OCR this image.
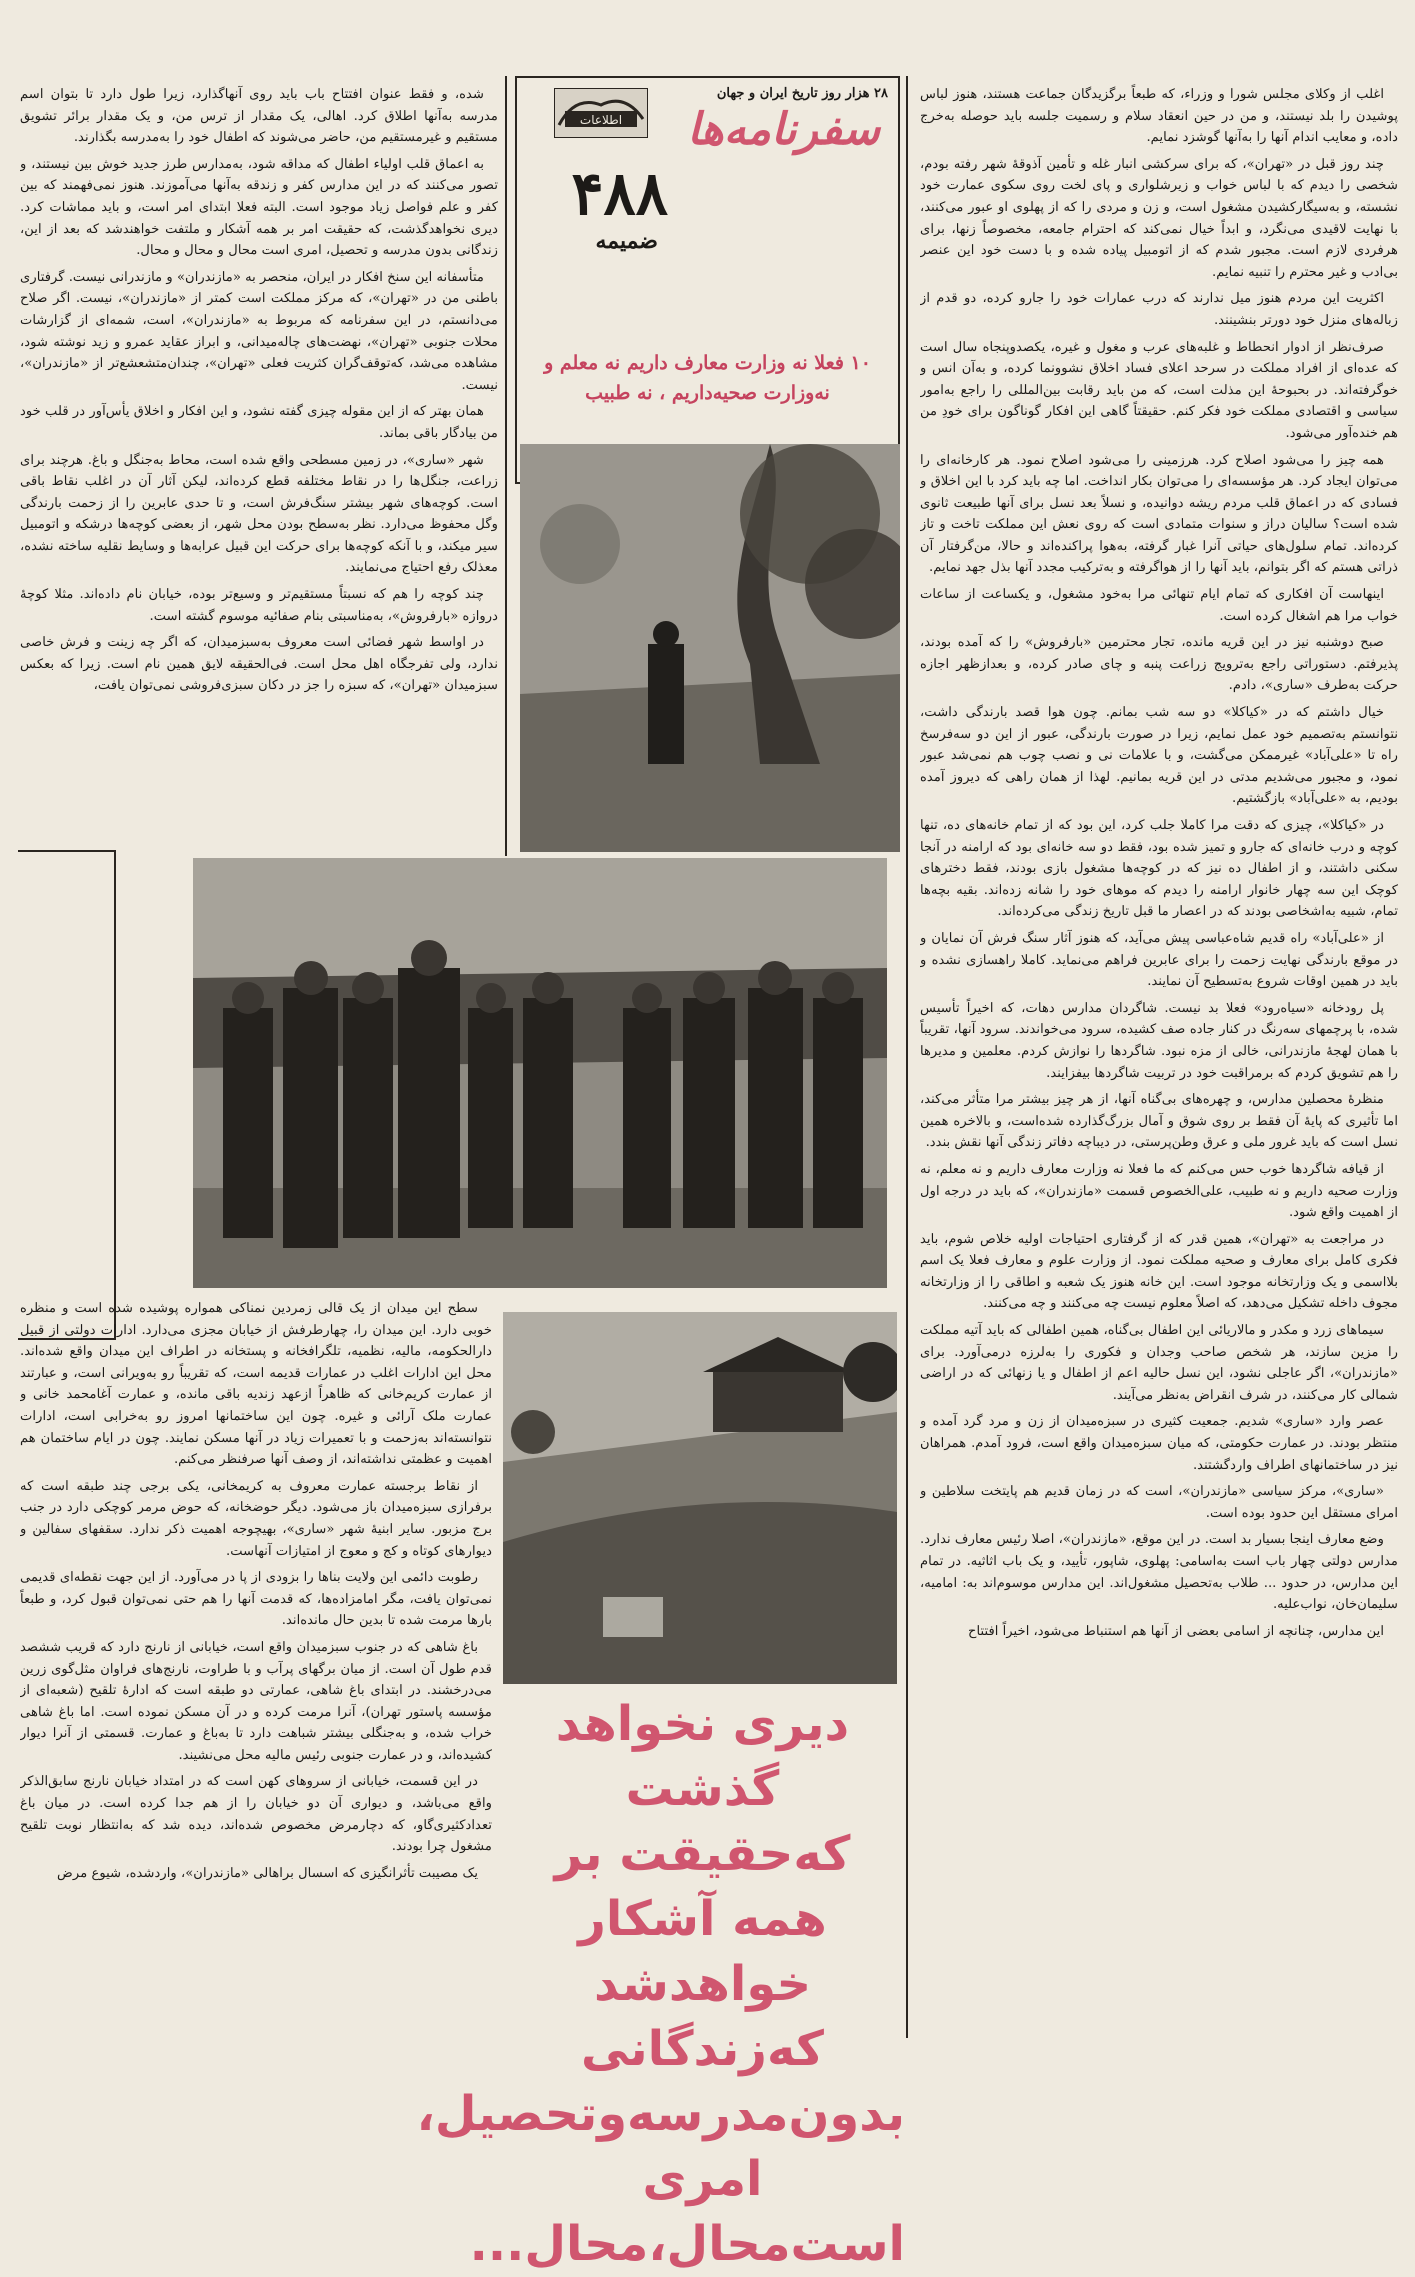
اغلب از وکلای مجلس شورا و وزراء، که طبعاً برگزیدگان جماعت هستند، هنوز لباس پوشیدن را بلد نیستند، و من در حین انعقاد سلام و رسمیت جلسه باید حوصله به‌خرج داده، و معایب اندام آنها را به‌آنها گوشزد نمایم.

چند روز قبل در «تهران»، که برای سرکشی انبار غله و تأمین آذوقهٔ شهر رفته بودم، شخصی را دیدم که با لباس خواب و زیرشلواری و پای لخت روی سکوی عمارت خود نشسته، و بەسیگارکشیدن مشغول است، و زن و مردی را که از پهلوی او عبور می‌کنند، با نهایت لاقیدی می‌نگرد، و ابداً خیال نمی‌کند که احترام جامعه، مخصوصاً زنها، برای هرفردی لازم است. مجبور شدم که از اتومبیل پیاده شده و با دست خود این عنصر بی‌ادب و غیر محترم را تنبیه نمایم.

اکثریت این مردم هنوز میل ندارند که درب عمارات خود را جارو کرده، دو قدم از زباله‌های منزل خود دورتر بنشینند.

صرف‌نظر از ادوار انحطاط و غلبه‌های عرب و مغول و غیره، یکصدوپنجاه سال است که عده‌ای از افراد مملکت در سرحد اعلای فساد اخلاق نشوونما کرده، و به‌آن انس و خوگرفته‌اند. در بحبوحهٔ این مذلت است، که من باید رقابت بین‌المللی را راجع به‌امور سیاسی و اقتصادی مملکت خود فکر کنم. حقیقتاً گاهی این افکار گوناگون برای خودِ من هم خنده‌آور می‌شود.

همه چیز را می‌شود اصلاح کرد. هرزمینی را می‌شود اصلاح نمود. هر کارخانه‌ای را می‌توان ایجاد کرد. هر مؤسسه‌ای را می‌توان بکار انداخت. اما چه باید کرد با این اخلاق و فسادی که در اعماق قلب مردم ریشه دوانیده، و نسلاً بعد نسل برای آنها طبیعت ثانوی شده است؟ سالیان دراز و سنوات متمادی است که روی نعش این مملکت تاخت و تاز کرده‌اند. تمام سلول‌های حیاتی آنرا غبار گرفته، به‌هوا پراکنده‌اند و حالا، من‌گرفتار آن ذراتی هستم که اگر بتوانم، باید آنها را از هواگرفته و به‌ترکیب مجدد آنها بذل جهد نمایم.

اینهاست آن افکاری که تمام ایام تنهائی مرا به‌خود مشغول، و یکساعت از ساعات خواب مرا هم اشغال کرده است.

صبح دوشنبه نیز در این قریه ماندە، تجار محترمین «بارفروش» را که آمده بودند، پذیرفتم. دستوراتی راجع به‌ترویج زراعت پنبه و چای صادر کرده، و بعدازظهر اجازه حرکت به‌طرف «ساری»، دادم.

خیال داشتم که در «کیاکلا» دو سه شب بمانم. چون هوا قصد بارندگی داشت، نتوانستم به‌تصمیم خود عمل نمایم، زیرا در صورت بارندگی، عبور از این دو سه‌فرسخ راه تا «علی‌آباد» غیرممکن می‌گشت، و با علامات نی و نصب چوب هم نمی‌شد عبور نمود، و مجبور می‌شدیم مدتی در این قریه بمانیم. لهذا از همان راهی که دیروز آمده بودیم، به «علی‌آباد» بازگشتیم.

در «کیاکلا»، چیزی که دقت مرا کاملا جلب کرد، این بود که از تمام خانه‌های ده، تنها کوچه و درب خانه‌ای که جارو و تمیز شده بود، فقط دو سه خانه‌ای بود که ارامنه در آنجا سکنی داشتند، و از اطفال ده نیز که در کوچه‌ها مشغول بازی بودند، فقط دخترهای کوچک این سه چهار خانوار ارامنه را دیدم که موهای خود را شانه زده‌اند. بقیه بچه‌ها تمام، شبیه به‌اشخاصی بودند که در اعصار ما قبل تاریخ زندگی می‌کرده‌اند.

از «علی‌آباد» راه قدیم شاه‌عباسی پیش می‌آید، که هنوز آثار سنگ فرش آن نمایان و در موقع بارندگی نهایت زحمت را برای عابرین فراهم می‌نماید. کاملا راهسازی نشده و باید در همین اوقات شروع به‌تسطیح آن نمایند.

پل رودخانه «سیاه‌رود» فعلا بد نیست. شاگردان مدارس دهات، که اخیراً تأسیس شده، با پرچمهای سه‌رنگ در کنار جاده صف کشیده، سرود می‌خواندند. سرود آنها، تقریباً با همان لهجهٔ مازندرانی، خالی از مزه نبود. شاگردها را نوازش کردم. معلمین و مدیرها را هم تشویق کردم که برمراقبت خود در تربیت شاگردها بیفزایند.

منظرهٔ محصلین مدارس، و چهره‌های بی‌گناه آنها، از هر چیز بیشتر مرا متأثر می‌کند، اما تأثیری که پایهٔ آن فقط بر روی شوق و آمال بزرگ‌گذارده شده‌است، و بالاخره همین نسل است که باید غرور ملی و عرق وطن‌پرستی، در دیباچه دفاتر زندگی آنها نقش بندد.

از قیافه شاگردها خوب حس می‌کنم که ما فعلا نه وزارت معارف داریم و نه معلم، نه وزارت صحیه داریم و نه طبیب، علی‌الخصوص قسمت «مازندران»، که باید در درجه اول از اهمیت واقع شود.

در مراجعت به «تهران»، همین قدر که از گرفتاری احتیاجات اولیه خلاص شوم، باید فکری کامل برای معارف و صحیه مملکت نمود. از وزارت علوم و معارف فعلا یک اسم بلااسمی و یک وزارتخانه موجود است. این خانه هنوز یک شعبه و اطاقی را از وزارتخانه مجوف داخله تشکیل می‌دهد، که اصلاً معلوم نیست چه می‌کنند و چه می‌کنند.

سیماهای زرد و مکدر و مالاریائی این اطفال بی‌گناه، همین اطفالی که باید آتیه مملکت را مزین سازند، هر شخص صاحب وجدان و فکوری را به‌لرزه درمی‌آورد. برای «مازندران»، اگر عاجلی نشود، این نسل حالیه اعم از اطفال و یا زنهائی که در اراضی شمالی کار می‌کنند، در شرف انقراض به‌نظر می‌آیند.

عصر وارد «ساری» شدیم. جمعیت کثیری در سبزه‌میدان از زن و مرد گرد آمده و منتظر بودند. در عمارت حکومتی، که میان سبزه‌میدان واقع است، فرود آمدم. همراهان نیز در ساختمانهای اطراف واردگشتند.

«ساری»، مرکز سیاسی «مازندران»، است که در زمان قدیم هم پایتخت سلاطین و امرای مستقل این حدود بوده است.

وضع معارف اینجا بسیار بد است. در این موقع، «مازندران»، اصلا رئیس معارف ندارد. مدارس دولتی چهار باب است به‌اسامی: پهلوی، شاپور، تأیید، و یک باب اثاثیه. در تمام این مدارس، در حدود ... طلاب به‌تحصیل مشغول‌اند. این مدارس موسوم‌اند به: امامیه، سلیمان‌خان، نواب‌علیه.

این مدارس، چنانچه از اسامی بعضی از آنها هم استنباط می‌شود، اخیراً افتتاح

۲۸ هزار روز تاریخ ایران و جهان
سفرنامه‌ها
اطلاعات
۴۸۸
ضمیمه
۱۰ فعلا نه وزارت معارف داریم نه معلم و نه‌وزارت صحیه‌داریم ، نه طبیب

شده، و فقط عنوان افتتاح باب باید روی آنها‌گذارد، زیرا طول دارد تا بتوان اسم مدرسه به‌آنها اطلاق کرد. اهالی، یک مقدار از ترس من، و یک مقدار برائر تشویق مستقیم و غیرمستقیم من، حاضر می‌شوند که اطفال خود را به‌مدرسه بگذارند.

به اعماق قلب اولیاء اطفال که مداقه شود، به‌مدارس طرز جدید خوش بین نیستند، و تصور می‌کنند که در این مدارس کفر و زندقه به‌آنها می‌آموزند. هنوز نمی‌فهمند که بین کفر و علم فواصل زیاد موجود است. البته فعلا ابتدای امر است، و باید مماشات کرد. دیری نخواهد‌گذشت، که حقیقت امر بر همه آشکار و ملتفت خواهند‌شد که بعد از این، زندگانی بدون مدرسه و تحصیل، امری است محال و محال و محال.

متأسفانه این سنخ افکار در ایران، منحصر به «مازندران» و مازندرانی نیست. گرفتاری باطنی من در «تهران»، که مرکز مملکت است کمتر از «مازندران»، نیست. اگر صلاح می‌دانستم، در این سفرنامه که مربوط به «مازندران»، است، شمه‌ای از گزارشات محلات جنوبی «تهران»، نهضت‌های چاله‌میدانی، و ابراز عقاید عمرو و زید نوشته شود، مشاهده می‌شد، که‌توقف‌گران کثریت فعلی «تهران»، چندان‌متشعشع‌تر از «مازندران»، نیست.

همان بهتر که از این مقوله چیزی گفته نشود، و این افکار و اخلاق یأس‌آور در قلب خود من بیادگار باقی بماند.

شهر «ساری»، در زمین مسطحی واقع شده است، محاط به‌جنگل و باغ. هرچند برای زراعت، جنگل‌ها را در نقاط مختلفه قطع کرده‌اند، لیکن آثار آن در اغلب نقاط باقی است. کوچه‌های شهر بیشتر سنگ‌فرش است، و تا حدی عابرین را از زحمت بارندگی وگل محفوظ می‌دارد. نظر به‌سطح بودن محل شهر، از بعضی کوچه‌ها درشکه و اتومبیل سیر میکند، و با آنکه کوچه‌ها برای حرکت این قبیل عرابه‌ها و وسایط نقلیه ساخته نشده، معذلک رفع احتیاج می‌نمایند.

چند کوچه را هم که نسبتاً مستقیم‌تر و وسیع‌تر بوده، خیابان نام داده‌اند. مثلا کوچهٔ دروازه «بارفروش»، به‌مناسبتی بنام صفائیه موسوم گشته است.

در اواسط شهر فضائی است معروف به‌سبزمیدان، که اگر چه زینت و فرش خاصی ندارد، ولی تفرجگاه اهل محل است. فی‌الحقیقه لایق همین نام است. زیرا که بعکس سبزمیدان «تهران»، که سبزه را جز در دکان سبزی‌فروشی نمی‌توان یافت،

سطح این میدان از یک قالی زمردین نمناکی همواره پوشیده شده است و منظره خوبی دارد. این میدان را، چهارطرفش از خیابان مجزی می‌دارد. ادارات دولتی از قبیل دارالحکومه، مالیه، نظمیه، تلگرافخانه و پستخانه در اطراف این میدان واقع شده‌اند. محل این ادارات اغلب در عمارات قدیمه است، که تقریباً رو به‌ویرانی است، و عبارتند از عمارت کریم‌خانی که ظاهراً ازعهد زندیه باقی مانده، و عمارت آغامحمد خانی و عمارت ملک آرائی و غیره. چون این ساختمانها امروز رو به‌خرابی است، ادارات نتوانسته‌اند به‌زحمت و با تعمیرات زیاد در آنها مسکن نمایند. چون در ایام ساختمان هم اهمیت و عظمتی نداشته‌اند، از وصف آنها صرفنظر می‌کنم.

از نقاط برجسته عمارت معروف به کریمخانی، یکی برجی چند طبقه است که برفرازی سبزه‌میدان باز می‌شود. دیگر حوضخانه، که حوض مرمر کوچکی دارد در جنب برج مزبور. سایر ابنیهٔ شهر «ساری»، بهیچوجه اهمیت ذکر ندارد. سقفهای سفالین و دیوارهای کوتاه و کج و معوج از امتیازات آنهاست.

رطوبت دائمی این ولایت بناها را بزودی از پا در می‌آورد. از این جهت نقطه‌ای قدیمی نمی‌توان یافت، مگر امامزاده‌ها، که قدمت آنها را هم حتی نمی‌توان قبول کرد، و طبعاً بارها مرمت شده تا بدین حال مانده‌اند.

باغ شاهی که در جنوب سبزمیدان واقع است، خیابانی از نارنج دارد که قریب ششصد قدم طول آن است. از میان برگهای پرآب و با طراوت، نارنج‌های فراوان مثل‌گوی زرین می‌درخشند. در ابتدای باغ شاهی، عمارتی دو طبقه است که ادارهٔ تلقیح (شعبه‌ای از مؤسسه پاستور تهران)، آنرا مرمت کرده و در آن مسکن نموده است. اما باغ شاهی خراب شده، و به‌جنگلی بیشتر شباهت دارد تا به‌باغ و عمارت. قسمتی از آنرا دیوار کشیده‌اند، و در عمارت جنوبی رئیس مالیه محل می‌نشیند.

در این قسمت، خیابانی از سروهای کهن است که در امتداد خیابان نارنج سابق‌الذکر واقع می‌باشد، و دیواری آن دو خیابان را از هم جدا کرده است. در میان باغ تعدادکثیری‌گاو، که دچارمرض مخصوص شده‌اند، دیده شد که به‌انتظار نوبت تلقیح مشغول چرا بودند.

یک مصیبت تأثرانگیزی که اسسال براهالی «مازندران»، واردشده، شیوع مرض

دیری نخواهد گذشت
که‌حقیقت بر همه آشکار
خواهد‌شد که‌زندگانی
بدون‌مدرسه‌وتحصیل،
امری است‌محال،محال...
